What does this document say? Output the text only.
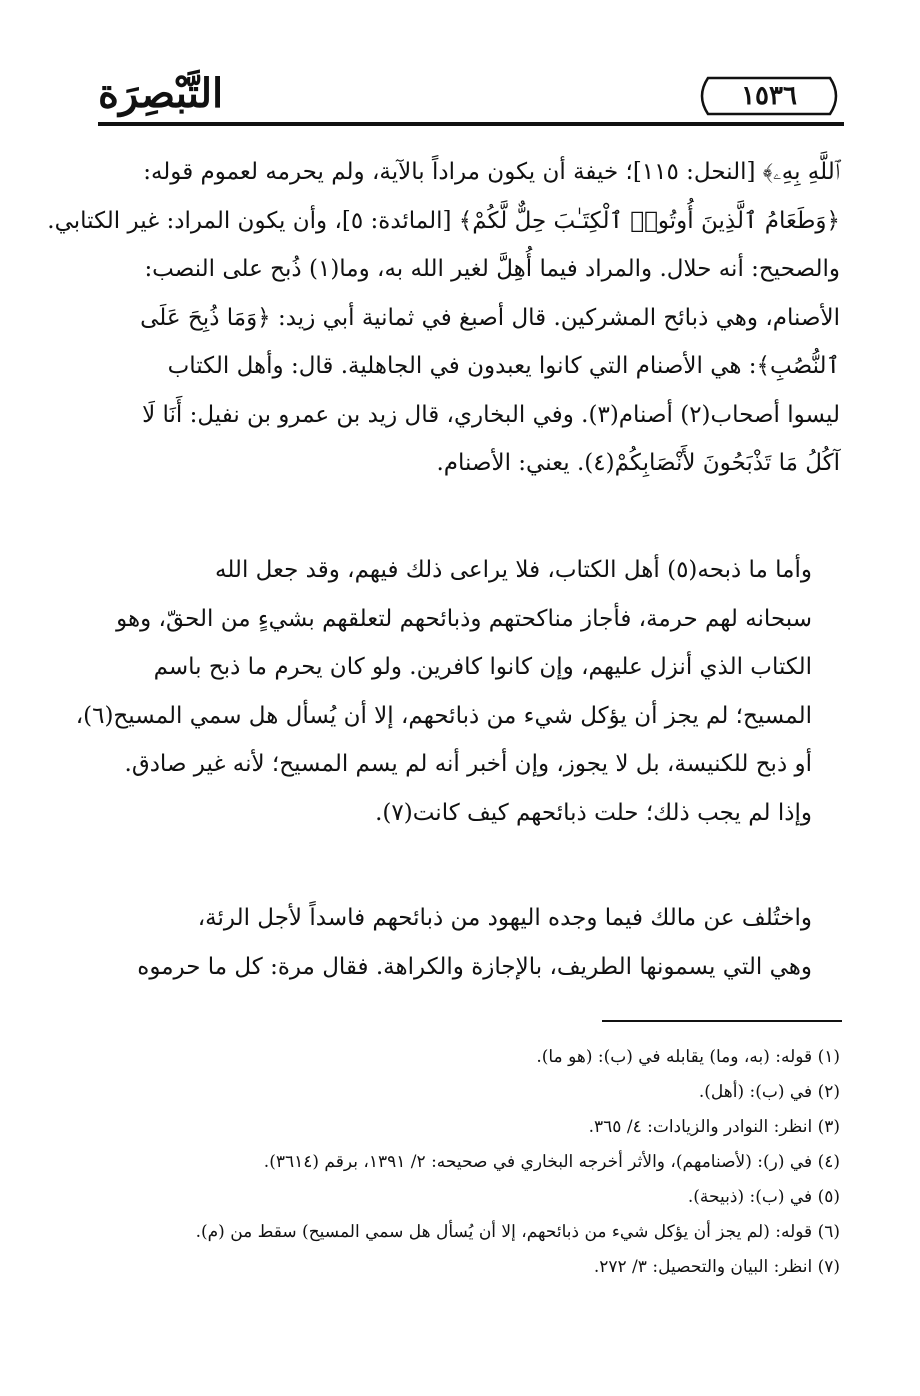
التَّبْصِرَة	١٥٣٦
ٱللَّهِ بِهِۦ﴾ [النحل: ١١٥]؛ خيفة أن يكون مراداً بالآية، ولم يحرمه لعموم قوله:
﴿وَطَعَامُ ٱلَّذِينَ أُوتُوا۟ ٱلْكِتَـٰبَ حِلٌّ لَّكُمْ﴾ [المائدة: ٥]، وأن يكون المراد: غير الكتابي.
والصحيح: أنه حلال. والمراد فيما أُهِلَّ لغير الله به، وما(١) ذُبح على النصب:
الأصنام، وهي ذبائح المشركين. قال أصبغ في ثمانية أبي زيد: ﴿وَمَا ذُبِحَ عَلَى
ٱلنُّصُبِ﴾: هي الأصنام التي كانوا يعبدون في الجاهلية. قال: وأهل الكتاب
ليسوا أصحاب(٢) أصنام(٣). وفي البخاري، قال زيد بن عمرو بن نفيل: أَنَا لَا
آكُلُ مَا تَذْبَحُونَ لأَنْصَابِكُمْ(٤). يعني: الأصنام.
وأما ما ذبحه(٥) أهل الكتاب، فلا يراعى ذلك فيهم، وقد جعل الله
سبحانه لهم حرمة، فأجاز مناكحتهم وذبائحهم لتعلقهم بشيءٍ من الحقّ، وهو
الكتاب الذي أنزل عليهم، وإن كانوا كافرين. ولو كان يحرم ما ذبح باسم
المسيح؛ لم يجز أن يؤكل شيء من ذبائحهم، إلا أن يُسأل هل سمي المسيح(٦)،
أو ذبح للكنيسة، بل لا يجوز، وإن أخبر أنه لم يسم المسيح؛ لأنه غير صادق.
وإذا لم يجب ذلك؛ حلت ذبائحهم كيف كانت(٧).
واختُلف عن مالك فيما وجده اليهود من ذبائحهم فاسداً لأجل الرئة،
وهي التي يسمونها الطريف، بالإجازة والكراهة. فقال مرة: كل ما حرموه
(١) قوله: (به، وما) يقابله في (ب): (هو ما).
(٢) في (ب): (أهل).
(٣) انظر: النوادر والزيادات: ٤/ ٣٦٥.
(٤) في (ر): (لأصنامهم)، والأثر أخرجه البخاري في صحيحه: ٢/ ١٣٩١، برقم (٣٦١٤).
(٥) في (ب): (ذبيحة).
(٦) قوله: (لم يجز أن يؤكل شيء من ذبائحهم، إلا أن يُسأل هل سمي المسيح) سقط من (م).
(٧) انظر: البيان والتحصيل: ٣/ ٢٧٢.
